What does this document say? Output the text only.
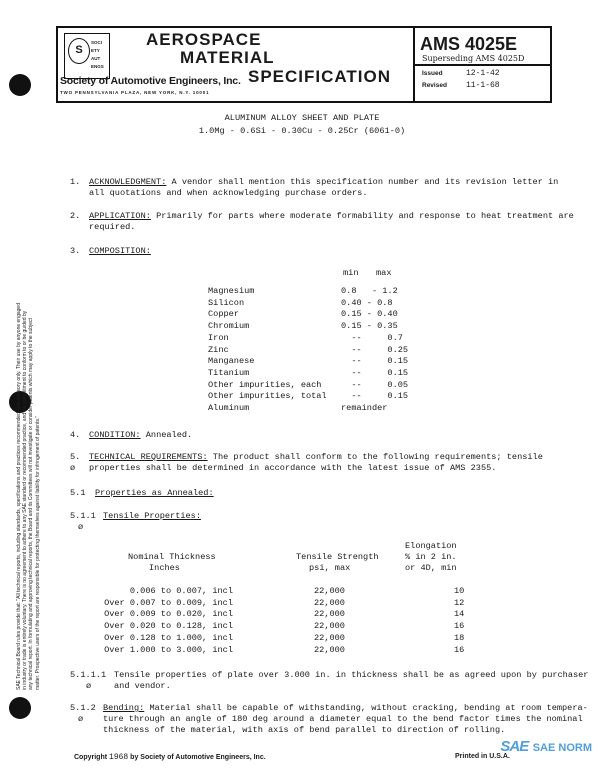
SAE Technical Board rules provide that: "All technical reports, including standards, specifications and practices recommended, are advisory only. Their use by anyone engaged in industry or trade is entirely voluntary. There is no agreement to adhere to any SAE standard or recommended practice, and no commitment to conform to or be guided by any technical report. In formulating and approving technical reports, the Board and its Committees will not investigate or consider patents which may apply to the subject matter. Prospective users of the report are responsible for protecting themselves against liability for infringement of patents."
S
SOCI
ETY
AUT
ENGS
AEROSPACE
MATERIAL
SPECIFICATION
Society of Automotive Engineers, Inc.
TWO PENNSYLVANIA PLAZA, NEW YORK, N.Y. 10001
AMS 4025E
Superseding AMS 4025D
Issued	12-1-42
Revised 11-1-68
ALUMINUM ALLOY SHEET AND PLATE
1.0Mg - 0.6Si - 0.30Cu - 0.25Cr (6061-0)
1. ACKNOWLEDGMENT: A vendor shall mention this specification number and its revision letter in
all quotations and when acknowledging purchase orders.
2. APPLICATION: Primarily for parts where moderate formability and response to heat treatment are
required.
3. COMPOSITION:
min max
Magnesium	0.8   - 1.2
Silicon	0.40 - 0.8
Copper	0.15 - 0.40
Chromium	0.15 - 0.35
Iron	--     0.7
Zinc	--     0.25
Manganese	--     0.15
Titanium	--     0.15
Other impurities, each --     0.05
Other impurities, total --     0.15
Aluminum	remainder
4. CONDITION: Annealed.
5.
ø
TECHNICAL REQUIREMENTS: The product shall conform to the following requirements; tensile
properties shall be determined in accordance with the latest issue of AMS 2355.
5.1 Properties as Annealed:
5.1.1 Tensile Properties:
ø
Elongation
Nominal Thickness	Tensile Strength	% in 2 in.
Inches	psi, max	or 4D, min
0.006 to 0.007, incl	22,000	10
Over 0.007 to 0.009, incl	22,000	12
Over 0.009 to 0.020, incl	22,000	14
Over 0.020 to 0.128, incl	22,000	16
Over 0.128 to 1.000, incl	22,000	18
Over 1.000 to 3.000, incl	22,000	16
5.1.1.1 Tensile properties of plate over 3.000 in. in thickness shall be as agreed upon by purchaser
ø	and vendor.
5.1.2 Bending: Material shall be capable of withstanding, without cracking, bending at room tempera-
ø ture through an angle of 180 deg around a diameter equal to the bend factor times the nominal
thickness of the material, with axis of bend parallel to direction of rolling.
Copyright 1968 by Society of Automotive Engineers, Inc.	Printed in U.S.A.
SAE SAE NORM
